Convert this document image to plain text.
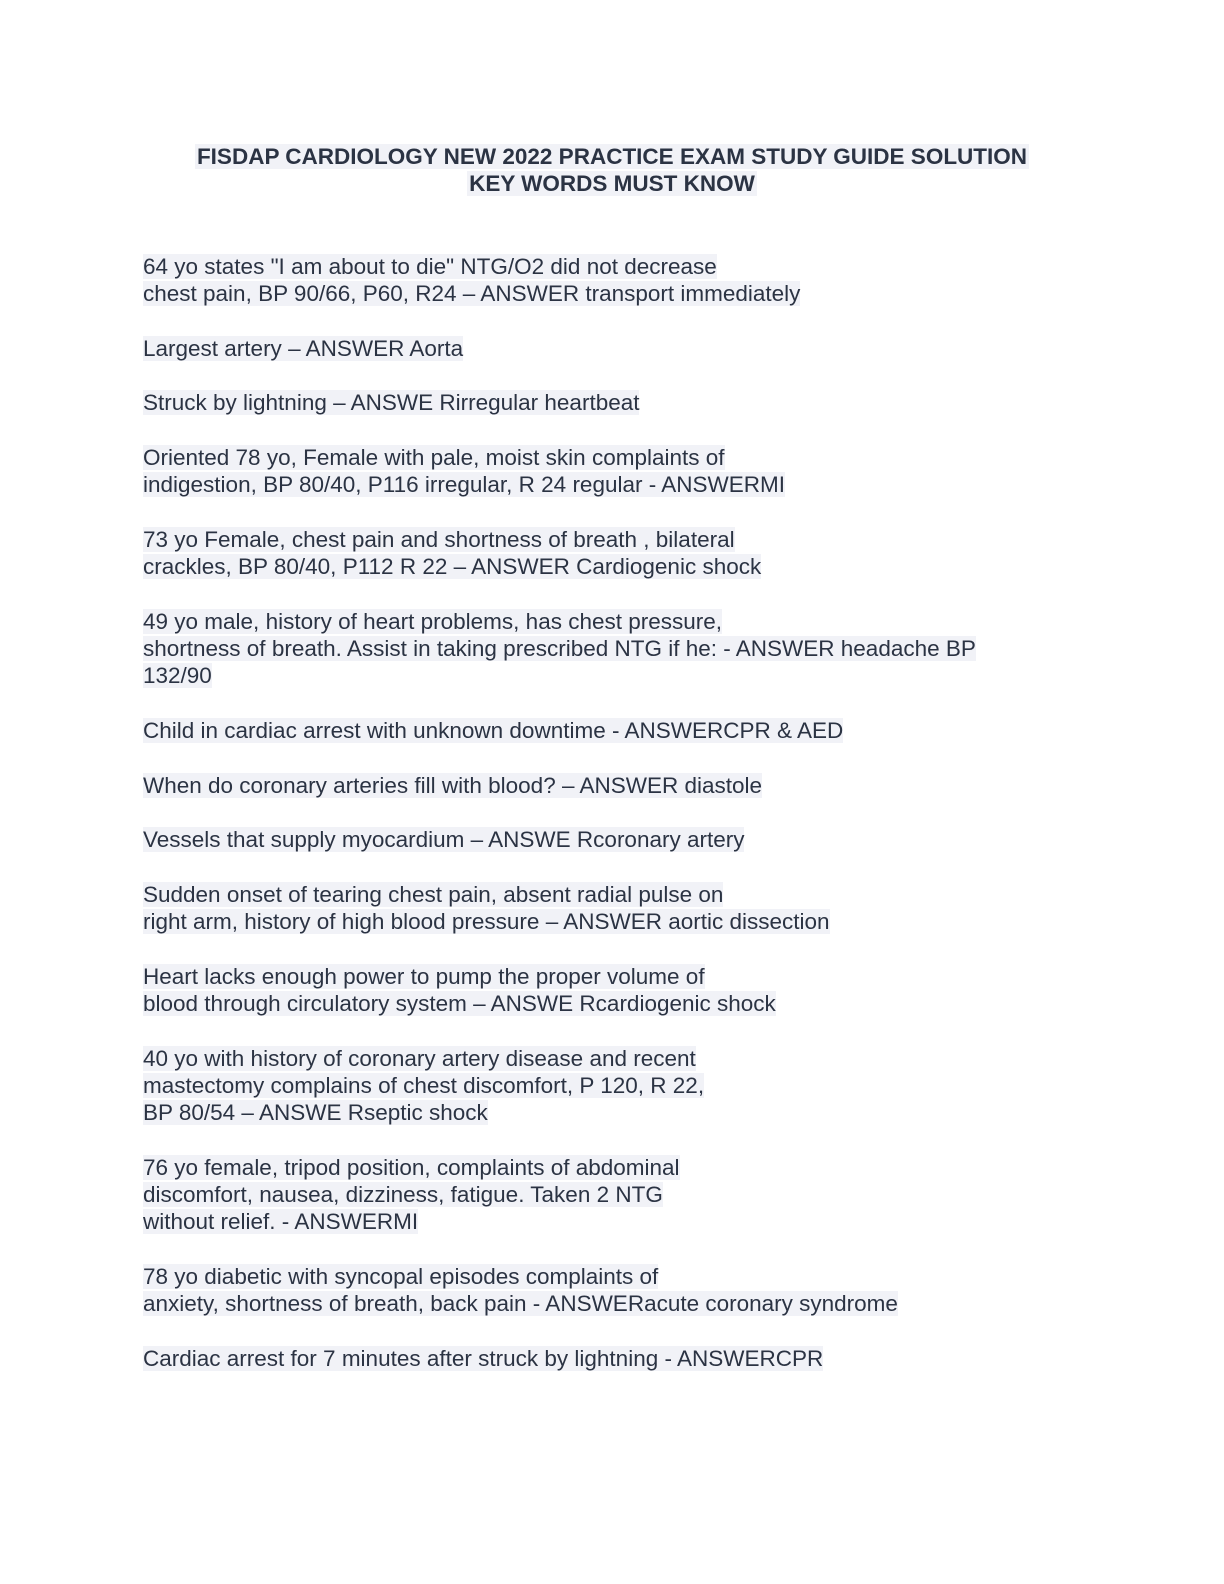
FISDAP CARDIOLOGY NEW 2022 PRACTICE EXAM STUDY GUIDE SOLUTION
KEY WORDS MUST KNOW
64 yo states "I am about to die" NTG/O2 did not decrease
chest pain, BP 90/66, P60, R24 – ANSWER transport immediately
Largest artery – ANSWER Aorta
Struck by lightning – ANSWE Rirregular heartbeat
Oriented 78 yo, Female with pale, moist skin complaints of
indigestion, BP 80/40, P116 irregular, R 24 regular - ANSWERMI
73 yo Female, chest pain and shortness of breath , bilateral
crackles, BP 80/40, P112 R 22 – ANSWER Cardiogenic shock
49 yo male, history of heart problems, has chest pressure,
shortness of breath. Assist in taking prescribed NTG if he: - ANSWER headache BP
132/90
Child in cardiac arrest with unknown downtime - ANSWERCPR & AED
When do coronary arteries fill with blood? – ANSWER diastole
Vessels that supply myocardium – ANSWE Rcoronary artery
Sudden onset of tearing chest pain, absent radial pulse on
right arm, history of high blood pressure – ANSWER aortic dissection
Heart lacks enough power to pump the proper volume of
blood through circulatory system – ANSWE Rcardiogenic shock
40 yo with history of coronary artery disease and recent
mastectomy complains of chest discomfort, P 120, R 22,
BP 80/54 – ANSWE Rseptic shock
76 yo female, tripod position, complaints of abdominal
discomfort, nausea, dizziness, fatigue. Taken 2 NTG
without relief. - ANSWERMI
78 yo diabetic with syncopal episodes complaints of
anxiety, shortness of breath, back pain - ANSWERacute coronary syndrome
Cardiac arrest for 7 minutes after struck by lightning - ANSWERCPR
